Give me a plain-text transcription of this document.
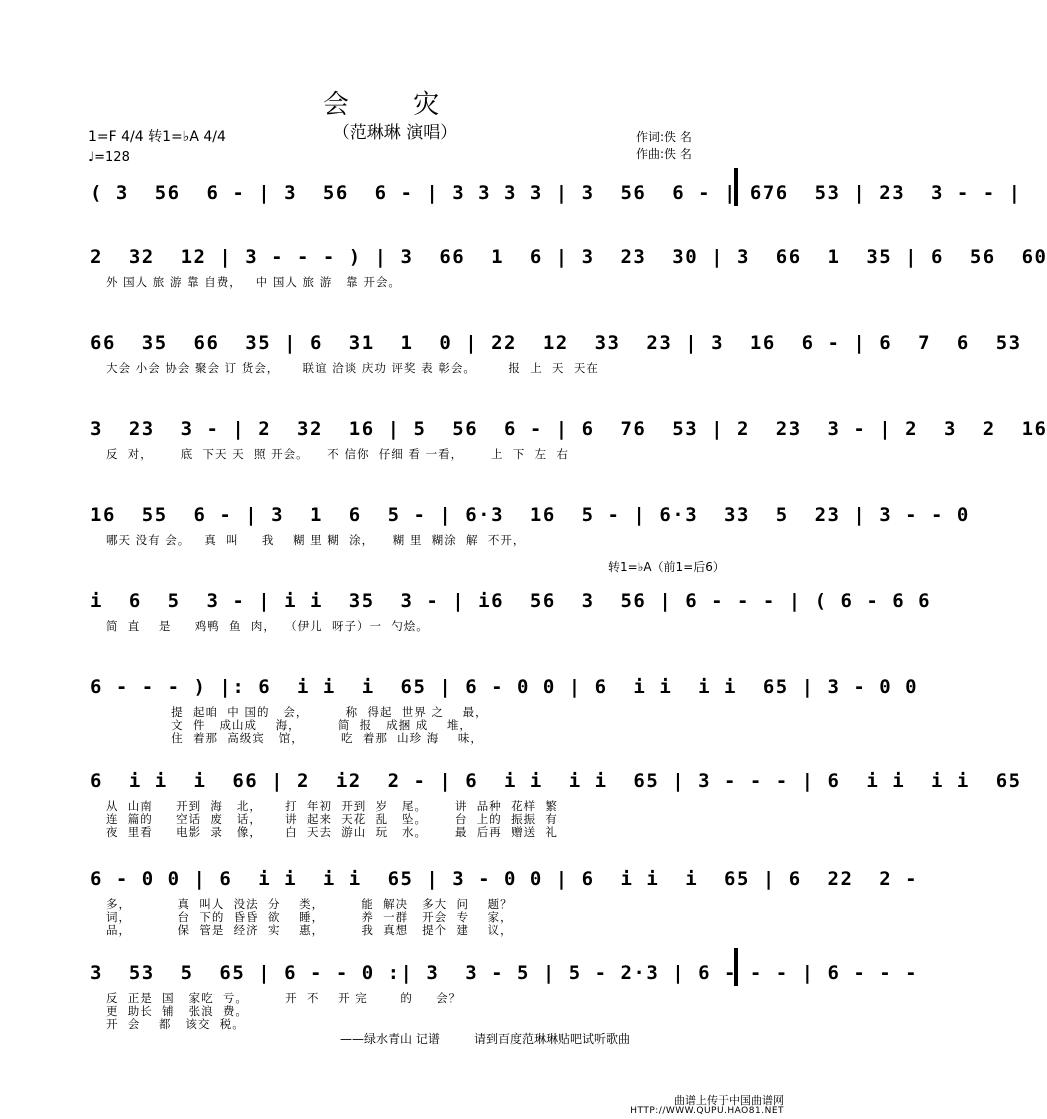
会 灾
（范琳琳 演唱）
1=F 4/4 转1=♭A 4/4
♩=128
作词:佚 名
作曲:佚 名
( 3  56  6 - | 3  56  6 - | 3 3 3 3 | 3  56  6 - | 676  53 | 23  3 - - |
2  32  12 | 3 - - - ) | 3  66  1  6 | 3  23  30 | 3  66  1  35 | 6  56  60
外 国人 旅 游 靠 自费，   中 国人 旅 游   靠 开会。
66  35  66  35 | 6  31  1  0 | 22  12  33  23 | 3  16  6 - | 6  7  6  53
大会 小会 协会 聚会 订 货会，     联谊 洽谈 庆功 评奖 表 彰会。       报  上  天  天在
3  23  3 - | 2  32  16 | 5  56  6 - | 6  76  53 | 2  23  3 - | 2  3  2  16
反  对，      底  下天 天  照 开会。    不 信你  仔细 看 一看，      上  下  左  右
16  55  6 - | 3  1  6  5 - | 6·3  16  5 - | 6·3  33  5  23 | 3 - - 0
哪天 没有 会。   真  叫     我    糊 里 糊  涂，    糊 里  糊涂  解  不开，
转1=♭A（前1=后6）
i  6  5  3 - | i i  35  3 - | i6  56  3  56 | 6 - - - | ( 6 - 6 6
简  直    是     鸡鸭  鱼  肉，  （伊儿  呀子）一  勺烩。
6 - - - ) |: 6  i i  i  65 | 6 - 0 0 | 6  i i  i i  65 | 3 - 0 0
提  起咱  中 国的   会，        称  得起  世界 之    最，
文  件   成山成    海，        简  报   成捆 成    堆，
住  着那  高级宾   馆，        吃  着那  山珍 海    味，
6  i i  i  66 | 2  i2  2 - | 6  i i  i i  65 | 3 - - - | 6  i i  i i  65
从  山南     开到  海   北，     打  年初  开到  岁   尾。      讲  品种  花样  繁
连  篇的     空话  废   话，     讲  起来  天花  乱   坠。      台  上的  振振  有
夜  里看     电影  录   像，     白  天去  游山  玩   水。      最  后再  赠送  礼
6 - 0 0 | 6  i i  i i  65 | 3 - 0 0 | 6  i i  i  65 | 6  22  2 -
多，          真  叫人  没法  分    类，        能  解决   多大  问    题？
词，          台  下的  昏昏  欲    睡，        养  一群   开会  专    家，
品，          保  管是  经济  实    惠，        我  真想   提个  建    议，
3  53  5  65 | 6 - - 0 :| 3  3 - 5 | 5 - 2·3 | 6 - - - | 6 - - -
反  正是  国   家吃  亏。        开  不    开 完       的     会？
更  助长  铺   张浪  费。
开  会    都   该交  税。
——绿水青山 记谱	请到百度范琳琳贴吧试听歌曲
曲谱上传于中国曲谱网
HTTP://WWW.QUPU.HAO81.NET
